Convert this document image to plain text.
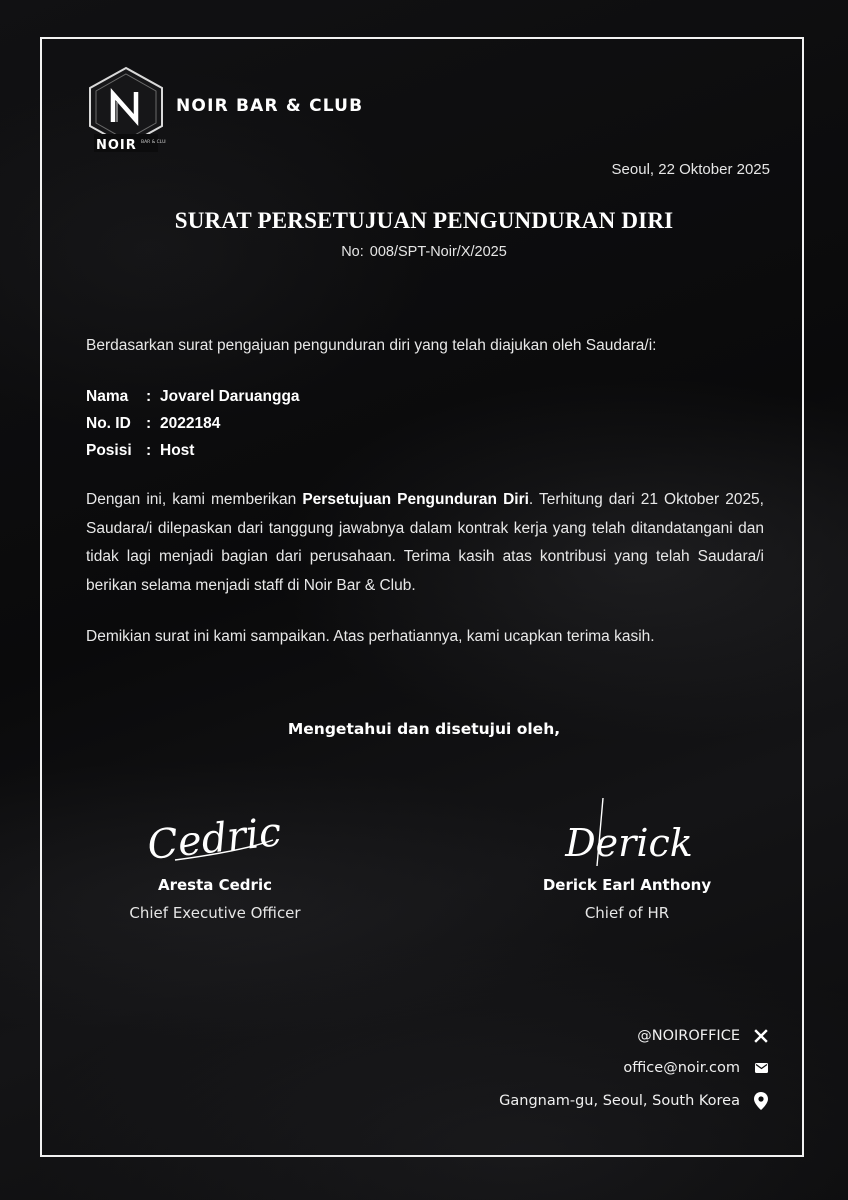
NOIR BAR & CLUB
NOIR BAR & CLUB
Seoul, 22 Oktober 2025
SURAT PERSETUJUAN PENGUNDURAN DIRI
No: 008/SPT-Noir/X/2025
Berdasarkan surat pengajuan pengunduran diri yang telah diajukan oleh Saudara/i:
Nama	: Jovarel Daruangga
No. ID : 2022184
Posisi : Host
Dengan ini, kami memberikan Persetujuan Pengunduran Diri. Terhitung dari 21 Oktober 2025, Saudara/i dilepaskan dari tanggung jawabnya dalam kontrak kerja yang telah ditandatangani dan tidak lagi menjadi bagian dari perusahaan. Terima kasih atas kontribusi yang telah Saudara/i berikan selama menjadi staff di Noir Bar & Club.
Demikian surat ini kami sampaikan. Atas perhatiannya, kami ucapkan terima kasih.
Mengetahui dan disetujui oleh,
Cedric
Aresta Cedric
Chief Executive Officer
Derick
Derick Earl Anthony
Chief of HR
@NOIROFFICE
office@noir.com
Gangnam-gu, Seoul, South Korea
